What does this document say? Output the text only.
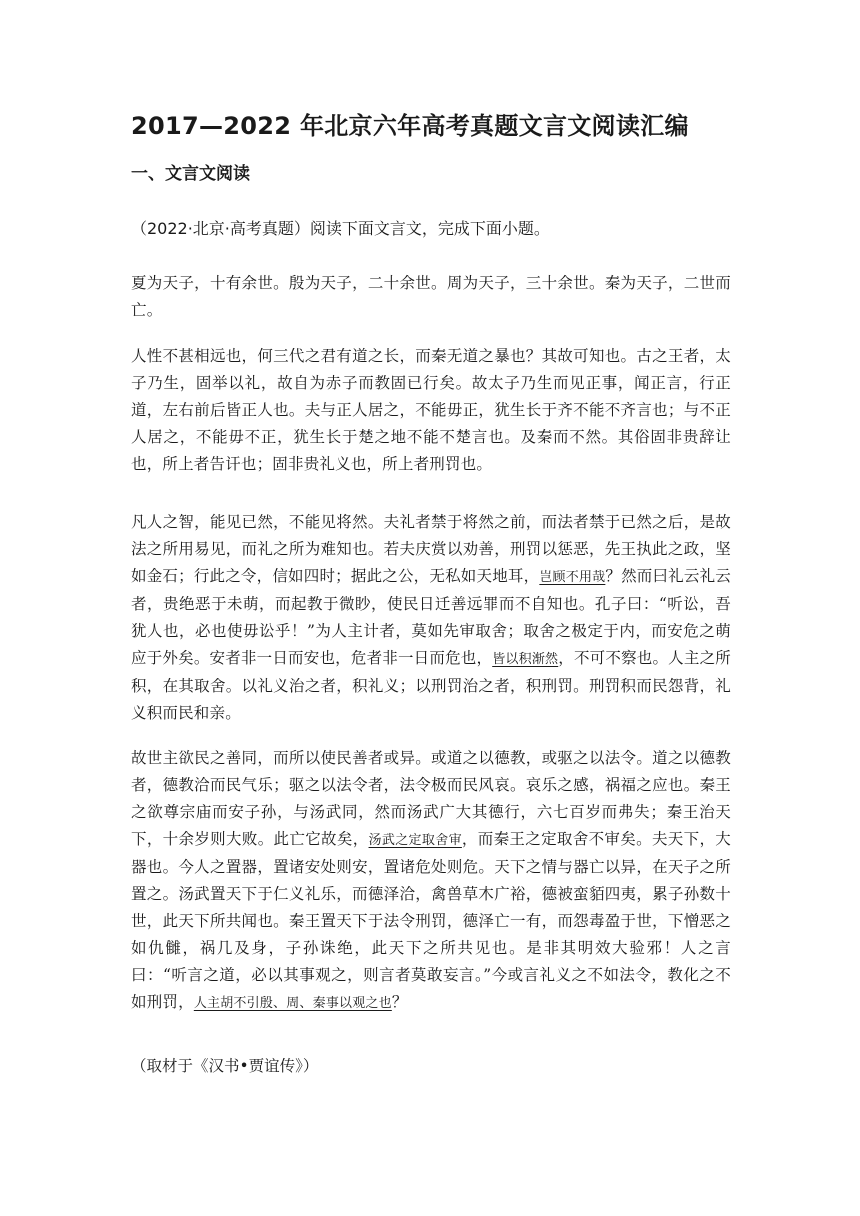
2017—2022 年北京六年高考真题文言文阅读汇编
一、文言文阅读
（2022·北京·高考真题）阅读下面文言文，完成下面小题。
夏为天子，十有余世。殷为天子，二十余世。周为天子，三十余世。秦为天子，二世而亡。
人性不甚相远也，何三代之君有道之长，而秦无道之暴也？其故可知也。古之王者，太子乃生，固举以礼，故自为赤子而教固已行矣。故太子乃生而见正事，闻正言，行正道，左右前后皆正人也。夫与正人居之，不能毋正，犹生长于齐不能不齐言也；与不正人居之，不能毋不正，犹生长于楚之地不能不楚言也。及秦而不然。其俗固非贵辞让也，所上者告讦也；固非贵礼义也，所上者刑罚也。
凡人之智，能见已然，不能见将然。夫礼者禁于将然之前，而法者禁于已然之后，是故法之所用易见，而礼之所为难知也。若夫庆赏以劝善，刑罚以惩恶，先王执此之政，坚如金石；行此之令，信如四时；据此之公，无私如天地耳，岂顾不用哉？然而曰礼云礼云者，贵绝恶于未萌，而起教于微眇，使民日迁善远罪而不自知也。孔子曰：“听讼，吾犹人也，必也使毋讼乎！”为人主计者，莫如先审取舍；取舍之极定于内，而安危之萌应于外矣。安者非一日而安也，危者非一日而危也，皆以积渐然，不可不察也。人主之所积，在其取舍。以礼义治之者，积礼义；以刑罚治之者，积刑罚。刑罚积而民怨背，礼义积而民和亲。
故世主欲民之善同，而所以使民善者或异。或道之以德教，或驱之以法令。道之以德教者，德教洽而民气乐；驱之以法令者，法令极而民风哀。哀乐之感，祸福之应也。秦王之欲尊宗庙而安子孙，与汤武同，然而汤武广大其德行，六七百岁而弗失；秦王治天下，十余岁则大败。此亡它故矣，汤武之定取舍审，而秦王之定取舍不审矣。夫天下，大器也。今人之置器，置诸安处则安，置诸危处则危。天下之情与器亡以异，在天子之所置之。汤武置天下于仁义礼乐，而德泽洽，禽兽草木广裕，德被蛮貊四夷，累子孙数十世，此天下所共闻也。秦王置天下于法令刑罚，德泽亡一有，而怨毒盈于世，下憎恶之如仇雠，祸几及身，子孙诛绝，此天下之所共见也。是非其明效大验邪！人之言曰：“听言之道，必以其事观之，则言者莫敢妄言。”今或言礼义之不如法令，教化之不如刑罚，人主胡不引殷、周、秦事以观之也？
（取材于《汉书•贾谊传》）
